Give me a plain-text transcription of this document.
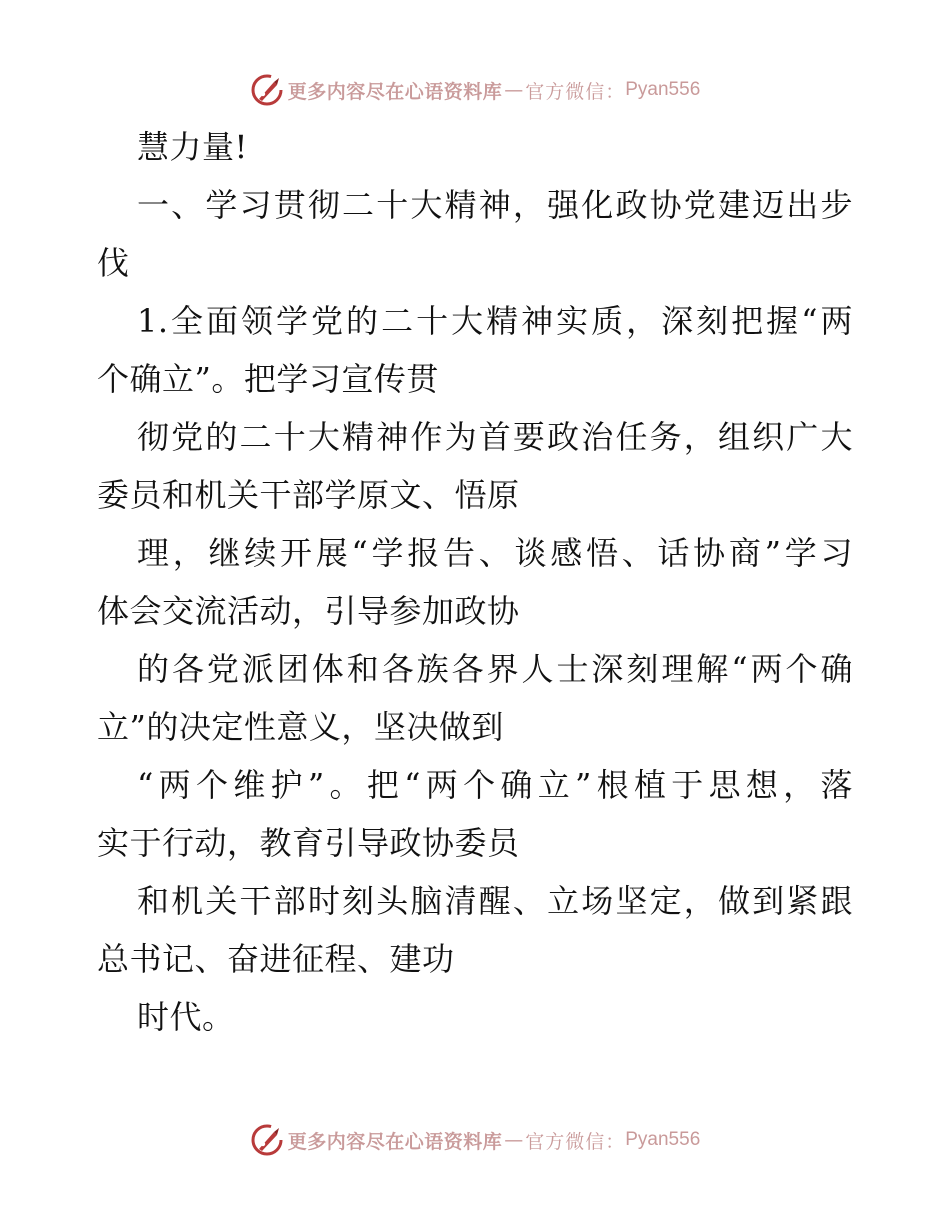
更多内容尽在心语资料库 — 官方微信： Pyan556
慧力量!
一、学习贯彻二十大精神，强化政协党建迈出步
伐
1.全面领学党的二十大精神实质，深刻把握“两
个确立”。把学习宣传贯
彻党的二十大精神作为首要政治任务，组织广大
委员和机关干部学原文、悟原
理，继续开展“学报告、谈感悟、话协商”学习
体会交流活动，引导参加政协
的各党派团体和各族各界人士深刻理解“两个确
立”的决定性意义，坚决做到
“两个维护”。把“两个确立”根植于思想，落
实于行动，教育引导政协委员
和机关干部时刻头脑清醒、立场坚定，做到紧跟
总书记、奋进征程、建功
时代。
更多内容尽在心语资料库 — 官方微信： Pyan556
